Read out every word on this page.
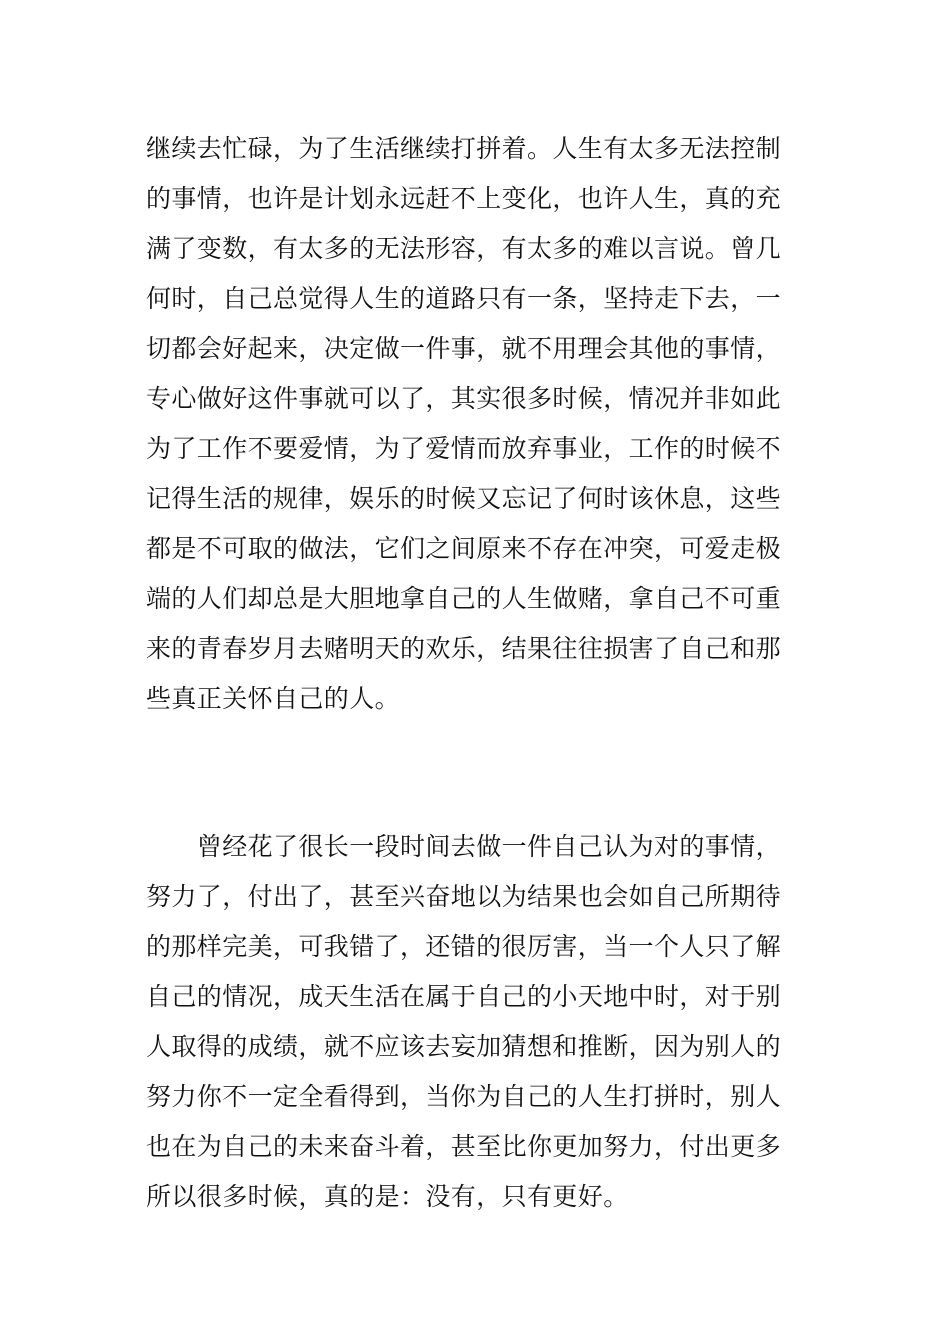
继续去忙碌，为了生活继续打拼着。人生有太多无法控制
的事情，也许是计划永远赶不上变化，也许人生，真的充
满了变数，有太多的无法形容，有太多的难以言说。曾几
何时，自己总觉得人生的道路只有一条，坚持走下去，一
切都会好起来，决定做一件事，就不用理会其他的事情，
专心做好这件事就可以了，其实很多时候，情况并非如此
为了工作不要爱情，为了爱情而放弃事业，工作的时候不
记得生活的规律，娱乐的时候又忘记了何时该休息，这些
都是不可取的做法，它们之间原来不存在冲突，可爱走极
端的人们却总是大胆地拿自己的人生做赌，拿自己不可重
来的青春岁月去赌明天的欢乐，结果往往损害了自己和那
些真正关怀自己的人。
　　曾经花了很长一段时间去做一件自己认为对的事情，
努力了，付出了，甚至兴奋地以为结果也会如自己所期待
的那样完美，可我错了，还错的很厉害，当一个人只了解
自己的情况，成天生活在属于自己的小天地中时，对于别
人取得的成绩，就不应该去妄加猜想和推断，因为别人的
努力你不一定全看得到，当你为自己的人生打拼时，别人
也在为自己的未来奋斗着，甚至比你更加努力，付出更多
所以很多时候，真的是：没有，只有更好。
